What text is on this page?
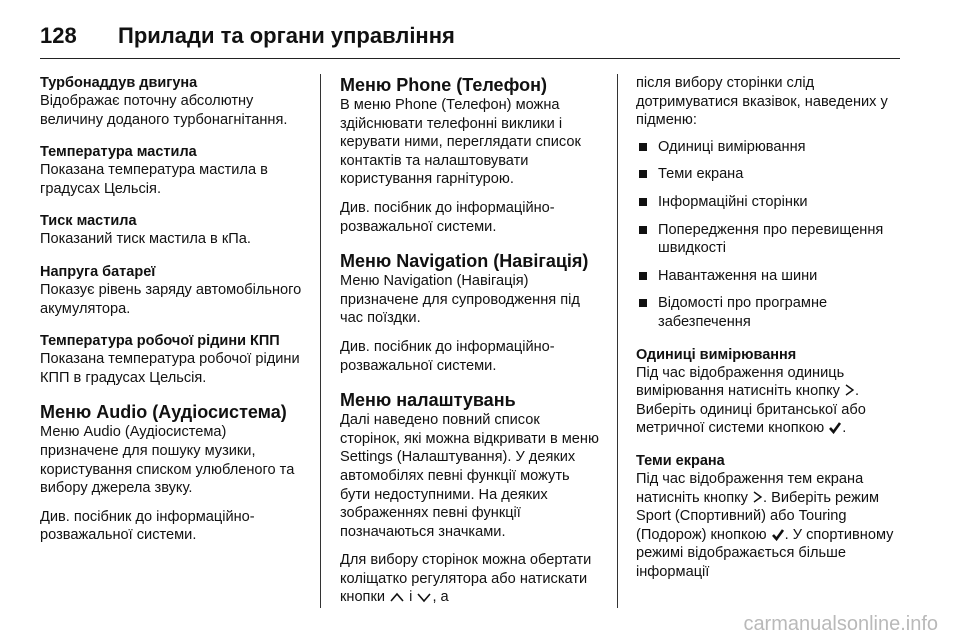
128	Прилади та органи управління
Турбонаддув двигуна
Відображає поточну абсолютну величину доданого турбонагнітання.
Температура мастила
Показана температура мастила в градусах Цельсія.
Тиск мастила
Показаний тиск мастила в кПа.
Напруга батареї
Показує рівень заряду автомобільного акумулятора.
Температура робочої рідини КПП
Показана температура робочої рідини КПП в градусах Цельсія.
Меню Audio (Аудіосистема)
Меню Audio (Аудіосистема) призначене для пошуку музики, користування списком улюбленого та вибору джерела звуку.
Див. посібник до інформаційно-розважальної системи.
Меню Phone (Телефон)
В меню Phone (Телефон) можна здійснювати телефонні виклики і керувати ними, переглядати список контактів та налаштовувати користування гарнітурою.
Див. посібник до інформаційно-розважальної системи.
Меню Navigation (Навігація)
Меню Navigation (Навігація) призначене для супроводження під час поїздки.
Див. посібник до інформаційно-розважальної системи.
Меню налаштувань
Далі наведено повний список сторінок, які можна відкривати в меню Settings (Налаштування). У деяких автомобілях певні функції можуть бути недоступними. На деяких зображеннях певні функції позначаються значками.
Для вибору сторінок можна обертати коліщатко регулятора або натискати кнопки і , а
після вибору сторінки слід дотримуватися вказівок, наведених у підменю:
Одиниці вимірювання
Теми екрана
Інформаційні сторінки
Попередження про перевищення швидкості
Навантаження на шини
Відомості про програмне забезпечення
Одиниці вимірювання
Під час відображення одиниць вимірювання натисніть кнопку . Виберіть одиниці британської або метричної системи кнопкою .
Теми екрана
Під час відображення тем екрана натисніть кнопку . Виберіть режим Sport (Спортивний) або Touring (Подорож) кнопкою . У спортивному режимі відображається більше інформації
carmanualsonline.info
